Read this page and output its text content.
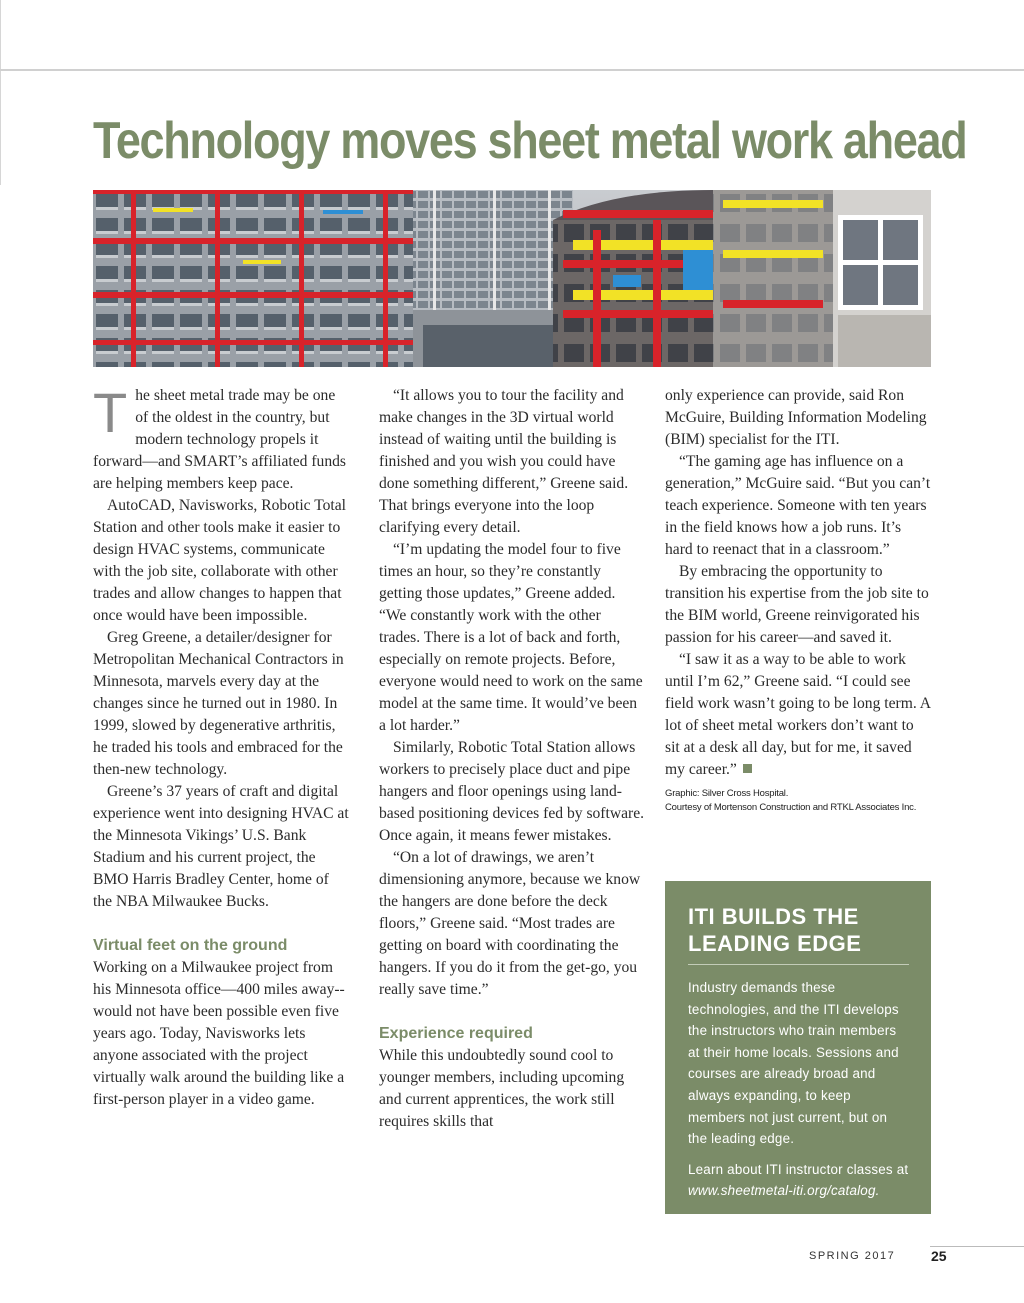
Technology moves sheet metal work ahead

The sheet metal trade may be one of the oldest in the country, but modern technology propels it forward—and SMART’s affiliated funds are helping members keep pace.

AutoCAD, Navisworks, Robotic Total Station and other tools make it easier to design HVAC systems, communicate with the job site, collaborate with other trades and allow changes to happen that once would have been impossible.

Greg Greene, a detailer/designer for Metropolitan Mechanical Contractors in Minnesota, marvels every day at the changes since he turned out in 1980. In 1999, slowed by degenerative arthritis, he traded his tools and embraced for the then-new technology.

Greene’s 37 years of craft and digital experience went into designing HVAC at the Minnesota Vikings’ U.S. Bank Stadium and his current project, the BMO Harris Bradley Center, home of the NBA Milwaukee Bucks.

Virtual feet on the ground

Working on a Milwaukee project from his Minnesota office—400 miles away--would not have been possible even five years ago. Today, Navisworks lets anyone associated with the project virtually walk around the building like a first-person player in a video game.

“It allows you to tour the facility and make changes in the 3D virtual world instead of waiting until the building is finished and you wish you could have done something different,” Greene said. That brings everyone into the loop clarifying every detail.

“I’m updating the model four to five times an hour, so they’re constantly getting those updates,” Greene added. “We constantly work with the other trades. There is a lot of back and forth, especially on remote projects. Before, everyone would need to work on the same model at the same time. It would’ve been a lot harder.”

Similarly, Robotic Total Station allows workers to precisely place duct and pipe hangers and floor openings using land-based positioning devices fed by software. Once again, it means fewer mistakes.

“On a lot of drawings, we aren’t dimensioning anymore, because we know the hangers are done before the deck floors,” Greene said. “Most trades are getting on board with coordinating the hangers. If you do it from the get-go, you really save time.”

Experience required

While this undoubtedly sound cool to younger members, including upcoming and current apprentices, the work still requires skills that

only experience can provide, said Ron McGuire, Building Information Modeling (BIM) specialist for the ITI.

“The gaming age has influence on a generation,” McGuire said. “But you can’t teach experience. Someone with ten years in the field knows how a job runs. It’s hard to reenact that in a classroom.”

By embracing the opportunity to transition his expertise from the job site to the BIM world, Greene reinvigorated his passion for his career—and saved it.

“I saw it as a way to be able to work until I’m 62,” Greene said. “I could see field work wasn’t going to be long term. A lot of sheet metal workers don’t want to sit at a desk all day, but for me, it saved my career.”

Graphic: Silver Cross Hospital.
Courtesy of Mortenson Construction and RTKL Associates Inc.
ITI BUILDS THE
LEADING EDGE

Industry demands these technologies, and the ITI develops the instructors who train members at their home locals. Sessions and courses are already broad and always expanding, to keep members not just current, but on the leading edge.

Learn about ITI instructor classes at www.sheetmetal-iti.org/catalog.

SPRING 2017	25
